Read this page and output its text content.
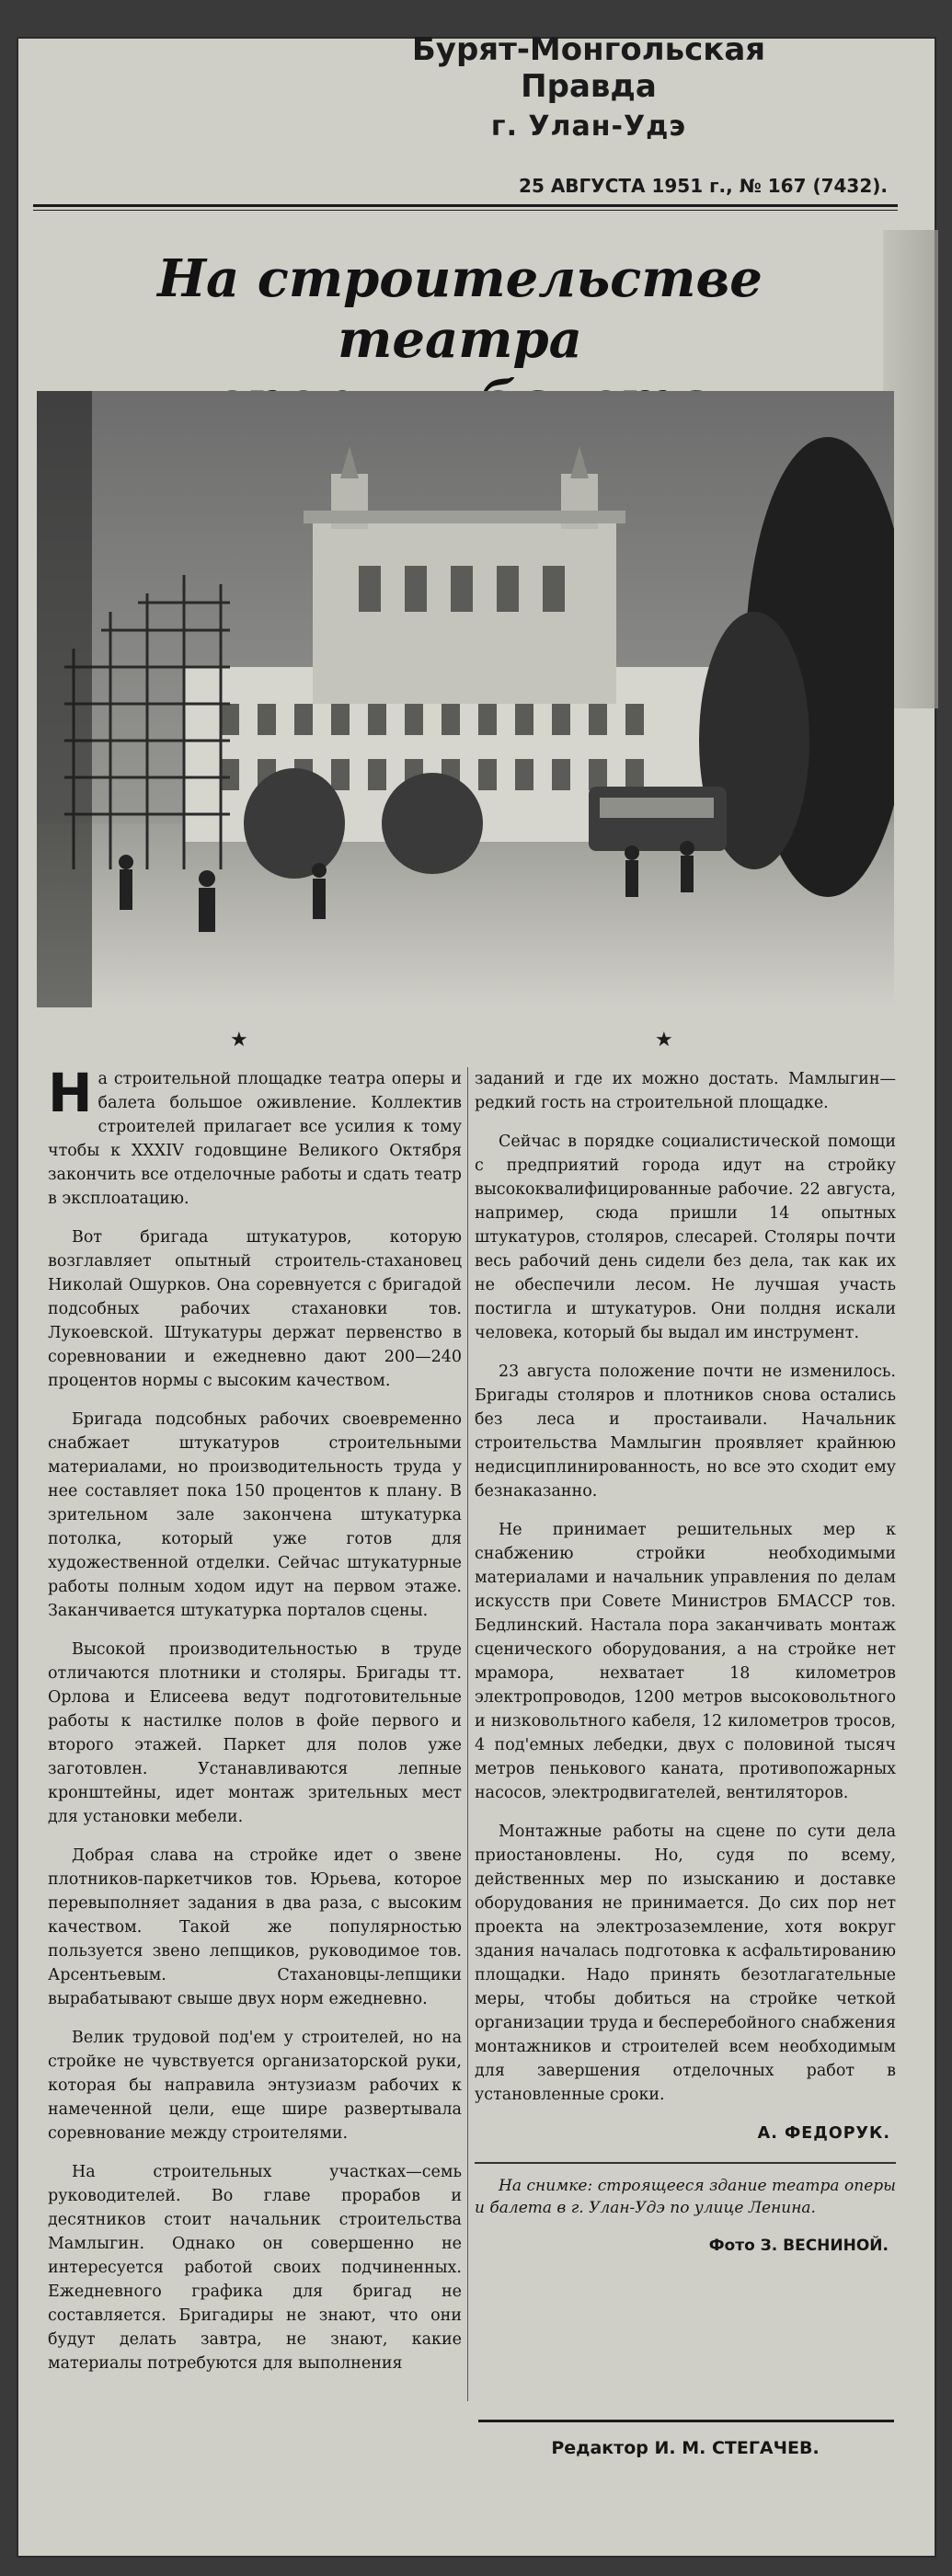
Бурят-Монгольская Правда
г. Улан-Удэ
25 АВГУСТА 1951 г., № 167 (7432).
На строительстве театра
★	★

На строительной площадке театра оперы и балета большое оживление. Коллектив строителей прилагает все усилия к тому чтобы к XXXIV годовщине Великого Октября закончить все отделочные работы и сдать театр в эксплоатацию.

Вот бригада штукатуров, которую возглавляет опытный строитель-стахановец Николай Ошурков. Она соревнуется с бригадой подсобных рабочих стахановки тов. Лукоевской. Штукатуры держат первенство в соревновании и ежедневно дают 200—240 процентов нормы с высоким качеством.

Бригада подсобных рабочих своевременно снабжает штукатуров строительными материалами, но производительность труда у нее составляет пока 150 процентов к плану. В зрительном зале закончена штукатурка потолка, который уже готов для художественной отделки. Сейчас штукатурные работы полным ходом идут на первом этаже. Заканчивается штукатурка порталов сцены.

Высокой производительностью в труде отличаются плотники и столяры. Бригады тт. Орлова и Елисеева ведут подготовительные работы к настилке полов в фойе первого и второго этажей. Паркет для полов уже заготовлен. Устанавливаются лепные кронштейны, идет монтаж зрительных мест для установки мебели.

Добрая слава на стройке идет о звене плотников-паркетчиков тов. Юрьева, которое перевыполняет задания в два раза, с высоким качеством. Такой же популярностью пользуется звено лепщиков, руководимое тов. Арсентьевым. Стахановцы-лепщики вырабатывают свыше двух норм ежедневно.

Велик трудовой под'ем у строителей, но на стройке не чувствуется организаторской руки, которая бы направила энтузиазм рабочих к намеченной цели, еще шире развертывала соревнование между строителями.

На строительных участках—семь руководителей. Во главе прорабов и десятников стоит начальник строительства Мамлыгин. Однако он совершенно не интересуется работой своих подчиненных. Ежедневного графика для бригад не составляется. Бригадиры не знают, что они будут делать завтра, не знают, какие материалы потребуются для выполнения

заданий и где их можно достать. Мамлыгин—редкий гость на строительной площадке.

Сейчас в порядке социалистической помощи с предприятий города идут на стройку высококвалифицированные рабочие. 22 августа, например, сюда пришли 14 опытных штукатуров, столяров, слесарей. Столяры почти весь рабочий день сидели без дела, так как их не обеспечили лесом. Не лучшая участь постигла и штукатуров. Они полдня искали человека, который бы выдал им инструмент.

23 августа положение почти не изменилось. Бригады столяров и плотников снова остались без леса и простаивали. Начальник строительства Мамлыгин проявляет крайнюю недисциплинированность, но все это сходит ему безнаказанно.

Не принимает решительных мер к снабжению стройки необходимыми материалами и начальник управления по делам искусств при Совете Министров БМАССР тов. Бедлинский. Настала пора заканчивать монтаж сценического оборудования, а на стройке нет мрамора, нехватает 18 километров электропроводов, 1200 метров высоковольтного и низковольтного кабеля, 12 километров тросов, 4 под'емных лебедки, двух с половиной тысяч метров пенькового каната, противопожарных насосов, электродвигателей, вентиляторов.

Монтажные работы на сцене по сути дела приостановлены. Но, судя по всему, действенных мер по изысканию и доставке оборудования не принимается. До сих пор нет проекта на электрозаземление, хотя вокруг здания началась подготовка к асфальтированию площадки. Надо принять безотлагательные меры, чтобы добиться на стройке четкой организации труда и бесперебойного снабжения монтажников и строителей всем необходимым для завершения отделочных работ в установленные сроки.

А. ФЕДОРУК.

На снимке: строящееся здание театра оперы и балета в г. Улан-Удэ по улице Ленина.

Фото З. ВЕСНИНОЙ.
Редактор И. М. СТЕГАЧЕВ.
